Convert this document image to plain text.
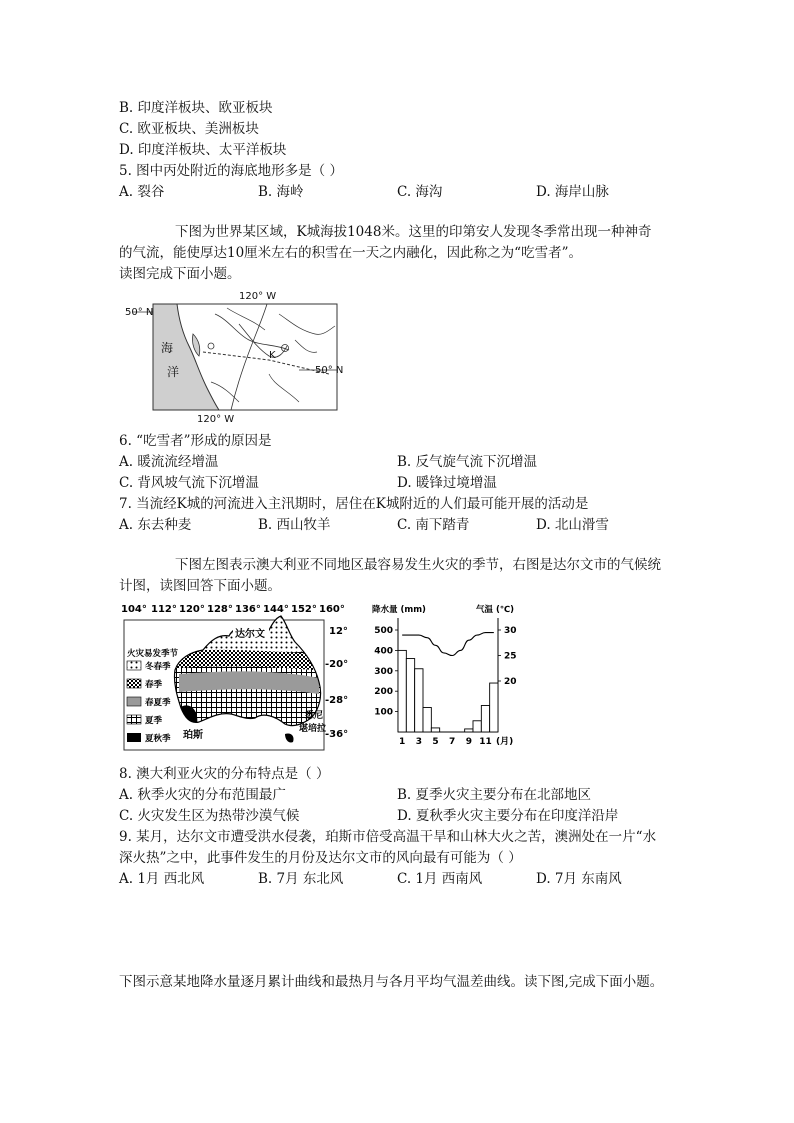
B. 印度洋板块、欧亚板块
C. 欧亚板块、美洲板块
D. 印度洋板块、太平洋板块
5. 图中丙处附近的海底地形多是（ ）
A. 裂谷	B. 海岭	C. 海沟	D. 海岸山脉
下图为世界某区域，K城海拔1048米。这里的印第安人发现冬季常出现一种神奇
的气流，能使厚达10厘米左右的积雪在一天之内融化，因此称之为“吃雪者”。
读图完成下面小题。
50° N
50° N
120° W
120° W
海
洋
K
6. “吃雪者”形成的原因是
A. 暖流流经增温	B. 反气旋气流下沉增温
C. 背风坡气流下沉增温	D. 暖锋过境增温
7. 当流经K城的河流进入主汛期时，居住在K城附近的人们最可能开展的活动是
A. 东去种麦	B. 西山牧羊	C. 南下踏青	D. 北山滑雪
下图左图表示澳大利亚不同地区最容易发生火灾的季节，右图是达尔文市的气候统
计图，读图回答下面小题。
104° 112° 120° 128° 136° 144° 152° 160°
12°
-20°
-28°
-36°
达尔文
珀斯
悉尼
堪培拉
火灾易发季节
冬春季
春季
春夏季
夏季
夏秋季
降水量 (mm)	气温 (℃)
100
200
300
400
500	30
25
20
1 3 5 7 9 11 (月)
8. 澳大利亚火灾的分布特点是（ ）
A. 秋季火灾的分布范围最广	B. 夏季火灾主要分布在北部地区
C. 火灾发生区为热带沙漠气候	D. 夏秋季火灾主要分布在印度洋沿岸
9. 某月，达尔文市遭受洪水侵袭，珀斯市倍受高温干旱和山林大火之苦，澳洲处在一片“水
深火热”之中，此事件发生的月份及达尔文市的风向最有可能为（ ）
A. 1月 西北风	B. 7月 东北风	C. 1月 西南风	D. 7月 东南风
下图示意某地降水量逐月累计曲线和最热月与各月平均气温差曲线。读下图,完成下面小题。
